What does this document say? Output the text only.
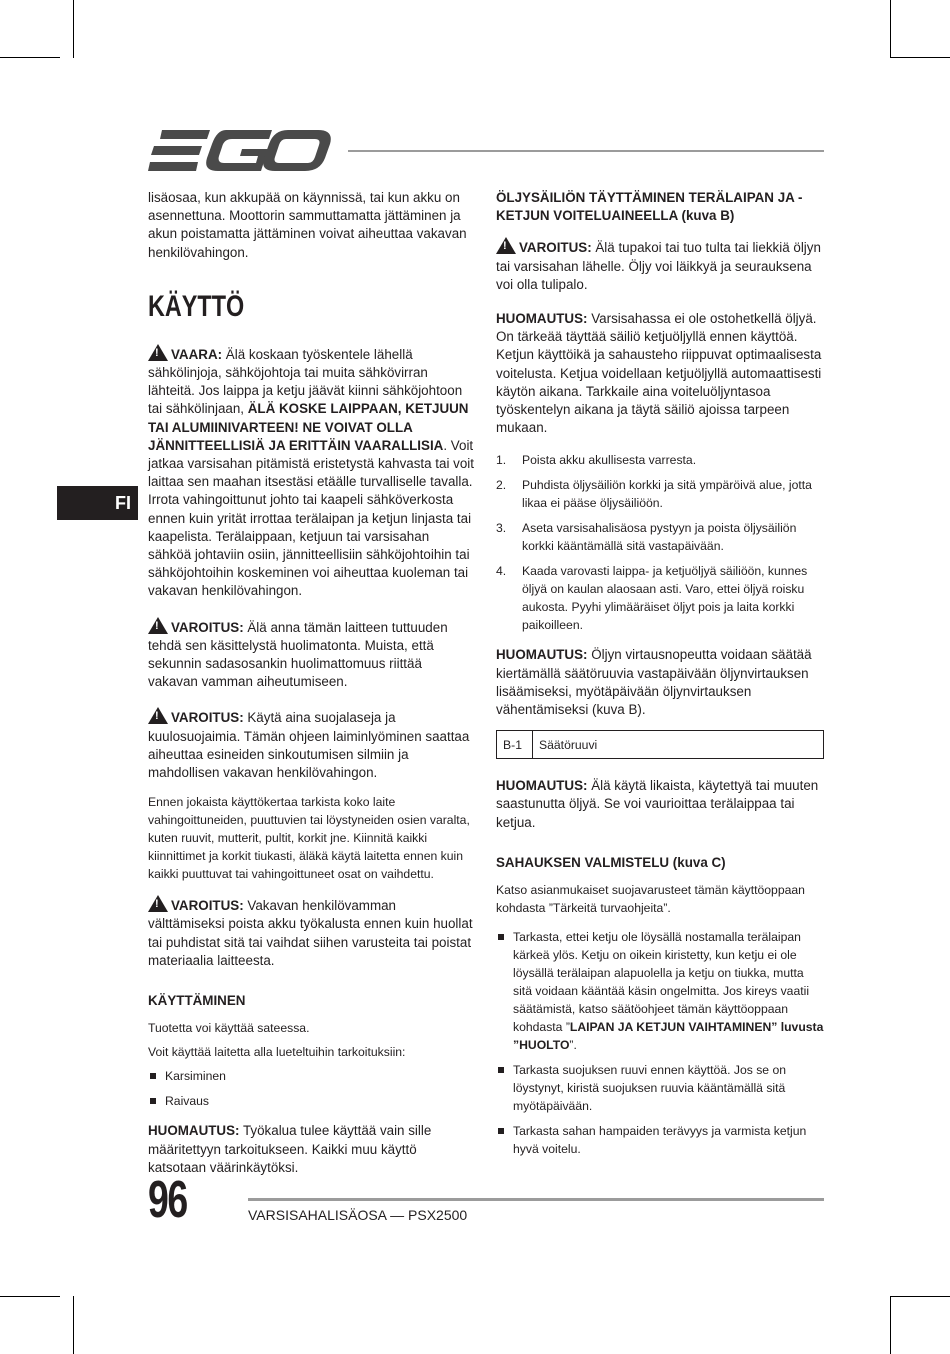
FI

lisäosaa, kun akkupää on käynnissä, tai kun akku on asennettuna. Moottorin sammuttamatta jättäminen ja akun poistamatta jättäminen voivat aiheuttaa vakavan henkilövahingon.

KÄYTTÖ

!VAARA: Älä koskaan työskentele lähellä sähkölinjoja, sähköjohtoja tai muita sähkövirran lähteitä. Jos laippa ja ketju jäävät kiinni sähköjohtoon tai sähkölinjaan, ÄLÄ KOSKE LAIPPAAN, KETJUUN TAI ALUMIINIVARTEEN! NE VOIVAT OLLA JÄNNITTEELLISIÄ JA ERITTÄIN VAARALLISIA. Voit jatkaa varsisahan pitämistä eristetystä kahvasta tai voit laittaa sen maahan itsestäsi etäälle turvalliselle tavalla. Irrota vahingoittunut johto tai kaapeli sähköverkosta ennen kuin yrität irrottaa terälaipan ja ketjun linjasta tai kaapelista. Terälaippaan, ketjuun tai varsisahan sähköä johtaviin osiin, jännitteellisiin sähköjohtoihin tai sähköjohtoihin koskeminen voi aiheuttaa kuoleman tai vakavan henkilövahingon.

!VAROITUS: Älä anna tämän laitteen tuttuuden tehdä sen käsittelystä huolimatonta. Muista, että sekunnin sadasosankin huolimattomuus riittää vakavan vamman aiheutumiseen.

!VAROITUS: Käytä aina suojalaseja ja kuulosuojaimia. Tämän ohjeen laiminlyöminen saattaa aiheuttaa esineiden sinkoutumisen silmiin ja mahdollisen vakavan henkilövahingon.

Ennen jokaista käyttökertaa tarkista koko laite vahingoittuneiden, puuttuvien tai löystyneiden osien varalta, kuten ruuvit, mutterit, pultit, korkit jne. Kiinnitä kaikki kiinnittimet ja korkit tiukasti, äläkä käytä laitetta ennen kuin kaikki puuttuvat tai vahingoittuneet osat on vaihdettu.

!VAROITUS: Vakavan henkilövamman välttämiseksi poista akku työkalusta ennen kuin huollat tai puhdistat sitä tai vaihdat siihen varusteita tai poistat materiaalia laitteesta.

KÄYTTÄMINEN

Tuotetta voi käyttää sateessa.

Voit käyttää laitetta alla lueteltuihin tarkoituksiin:

Karsiminen
Raivaus

HUOMAUTUS: Työkalua tulee käyttää vain sille määritettyyn tarkoitukseen. Kaikki muu käyttö katsotaan väärinkäytöksi.

ÖLJYSÄILIÖN TÄYTTÄMINEN TERÄLAIPAN JA -KETJUN VOITELUAINEELLA (kuva B)

!VAROITUS: Älä tupakoi tai tuo tulta tai liekkiä öljyn tai varsisahan lähelle. Öljy voi läikkyä ja seurauksena voi olla tulipalo.

HUOMAUTUS: Varsisahassa ei ole ostohetkellä öljyä. On tärkeää täyttää säiliö ketjuöljyllä ennen käyttöä. Ketjun käyttöikä ja sahausteho riippuvat optimaalisesta voitelusta. Ketjua voidellaan ketjuöljyllä automaattisesti käytön aikana. Tarkkaile aina voiteluöljyntasoa työskentelyn aikana ja täytä säiliö ajoissa tarpeen mukaan.

1. Poista akku akullisesta varresta.
2. Puhdista öljysäiliön korkki ja sitä ympäröivä alue, jotta likaa ei pääse öljysäiliöön.
3. Aseta varsisahalisäosa pystyyn ja poista öljysäiliön korkki kääntämällä sitä vastapäivään.
4. Kaada varovasti laippa- ja ketjuöljyä säiliöön, kunnes öljyä on kaulan alaosaan asti. Varo, ettei öljyä roisku aukosta. Pyyhi ylimääräiset öljyt pois ja laita korkki paikoilleen.

HUOMAUTUS: Öljyn virtausnopeutta voidaan säätää kiertämällä säätöruuvia vastapäivään öljynvirtauksen lisäämiseksi, myötäpäivään öljynvirtauksen vähentämiseksi (kuva B).

B-1	Säätöruuvi

HUOMAUTUS: Älä käytä likaista, käytettyä tai muuten saastunutta öljyä. Se voi vaurioittaa terälaippaa tai ketjua.

SAHAUKSEN VALMISTELU (kuva C)

Katso asianmukaiset suojavarusteet tämän käyttöoppaan kohdasta ”Tärkeitä turvaohjeita”.

Tarkasta, ettei ketju ole löysällä nostamalla terälaipan kärkeä ylös. Ketju on oikein kiristetty, kun ketju ei ole löysällä terälaipan alapuolella ja ketju on tiukka, mutta sitä voidaan kääntää käsin ongelmitta. Jos kireys vaatii säätämistä, katso säätöohjeet tämän käyttöoppaan kohdasta ”LAIPAN JA KETJUN VAIHTAMINEN” luvusta ”HUOLTO”.
Tarkasta suojuksen ruuvi ennen käyttöä. Jos se on löystynyt, kiristä suojuksen ruuvia kääntämällä sitä myötäpäivään.
Tarkasta sahan hampaiden terävyys ja varmista ketjun hyvä voitelu.
96	VARSISAHALISÄOSA — PSX2500
